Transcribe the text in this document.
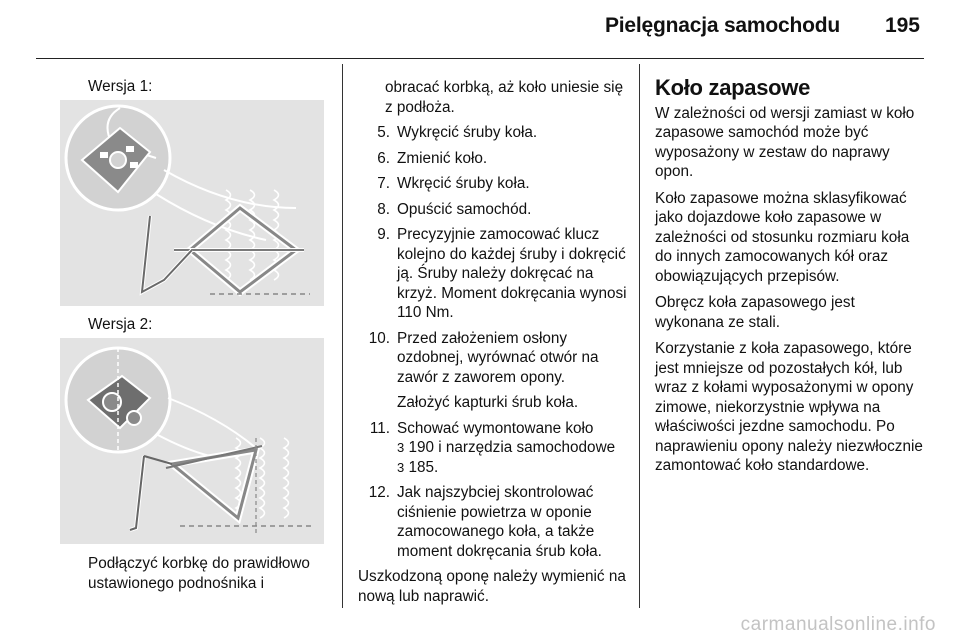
Pielęgnacja samochodu 195
Wersja 1:
Wersja 2:
Podłączyć korbkę do prawidłowo ustawionego podnośnika i
obracać korbką, aż koło uniesie się z podłoża.
5. Wykręcić śruby koła.
6. Zmienić koło.
7. Wkręcić śruby koła.
8. Opuścić samochód.
9. Precyzyjnie zamocować klucz kolejno do każdej śruby i dokręcić ją. Śruby należy dokręcać na krzyż. Moment dokręcania wynosi 110 Nm.
10. Przed założeniem osłony ozdobnej, wyrównać otwór na zawór z zaworem opony.
Założyć kapturki śrub koła.
11. Schować wymontowane koło
3 190 i narzędzia samochodowe
3 185.
12. Jak najszybciej skontrolować ciśnienie powietrza w oponie zamocowanego koła, a także moment dokręcania śrub koła.
Uszkodzoną oponę należy wymienić na nową lub naprawić.
Koło zapasowe

W zależności od wersji zamiast w koło zapasowe samochód może być wyposażony w zestaw do naprawy opon.

Koło zapasowe można sklasyfikować jako dojazdowe koło zapasowe w zależności od stosunku rozmiaru koła do innych zamocowanych kół oraz obowiązujących przepisów.

Obręcz koła zapasowego jest wykonana ze stali.

Korzystanie z koła zapasowego, które jest mniejsze od pozostałych kół, lub wraz z kołami wyposażonymi w opony zimowe, niekorzystnie wpływa na właściwości jezdne samochodu. Po naprawieniu opony należy niezwłocznie zamontować koło standardowe.

carmanualsonline.info
